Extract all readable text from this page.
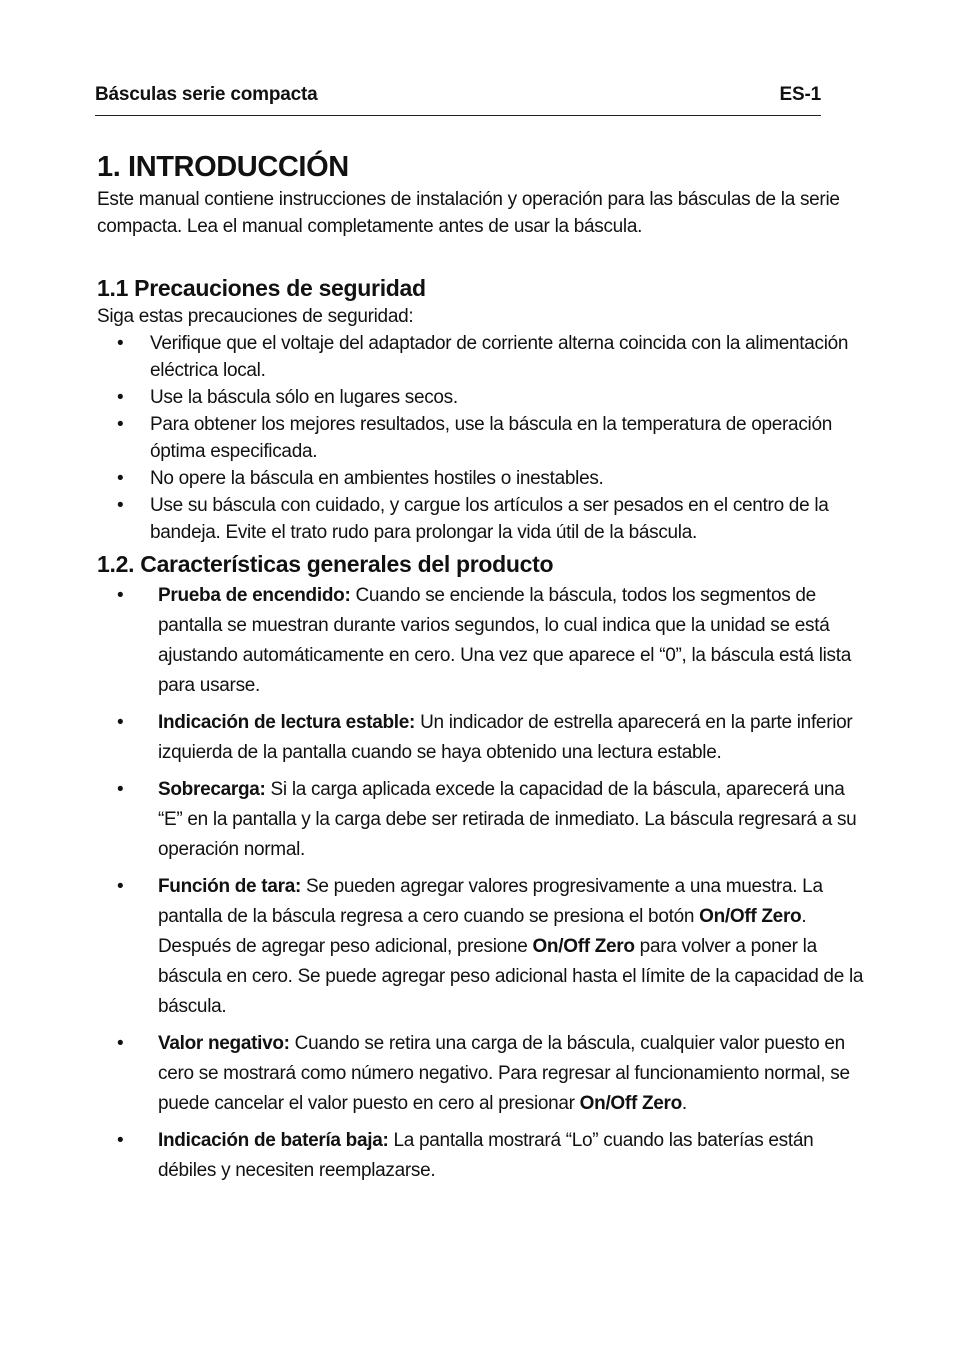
Básculas serie compacta	ES-1
1. INTRODUCCIÓN

Este manual contiene instrucciones de instalación y operación para las básculas de la serie compacta. Lea el manual completamente antes de usar la báscula.

1.1 Precauciones de seguridad

Siga estas precauciones de seguridad:

• Verifique que el voltaje del adaptador de corriente alterna coincida con la alimentación eléctrica local.
• Use la báscula sólo en lugares secos.
• Para obtener los mejores resultados, use la báscula en la temperatura de operación óptima especificada.
• No opere la báscula en ambientes hostiles o inestables.
• Use su báscula con cuidado, y cargue los artículos a ser pesados en el centro de la bandeja. Evite el trato rudo para prolongar la vida útil de la báscula.
1.2. Características generales del producto
• Prueba de encendido: Cuando se enciende la báscula, todos los segmentos de pantalla se muestran durante varios segundos, lo cual indica que la unidad se está ajustando automáticamente en cero. Una vez que aparece el “0”, la báscula está lista para usarse.
• Indicación de lectura estable: Un indicador de estrella aparecerá en la parte inferior izquierda de la pantalla cuando se haya obtenido una lectura estable.
• Sobrecarga: Si la carga aplicada excede la capacidad de la báscula, aparecerá una “E” en la pantalla y la carga debe ser retirada de inmediato. La báscula regresará a su operación normal.
• Función de tara: Se pueden agregar valores progresivamente a una muestra. La pantalla de la báscula regresa a cero cuando se presiona el botón On/Off Zero. Después de agregar peso adicional, presione On/Off Zero para volver a poner la báscula en cero. Se puede agregar peso adicional hasta el límite de la capacidad de la báscula.
• Valor negativo: Cuando se retira una carga de la báscula, cualquier valor puesto en cero se mostrará como número negativo. Para regresar al funcionamiento normal, se puede cancelar el valor puesto en cero al presionar On/Off Zero.
• Indicación de batería baja: La pantalla mostrará “Lo” cuando las baterías están débiles y necesiten reemplazarse.
